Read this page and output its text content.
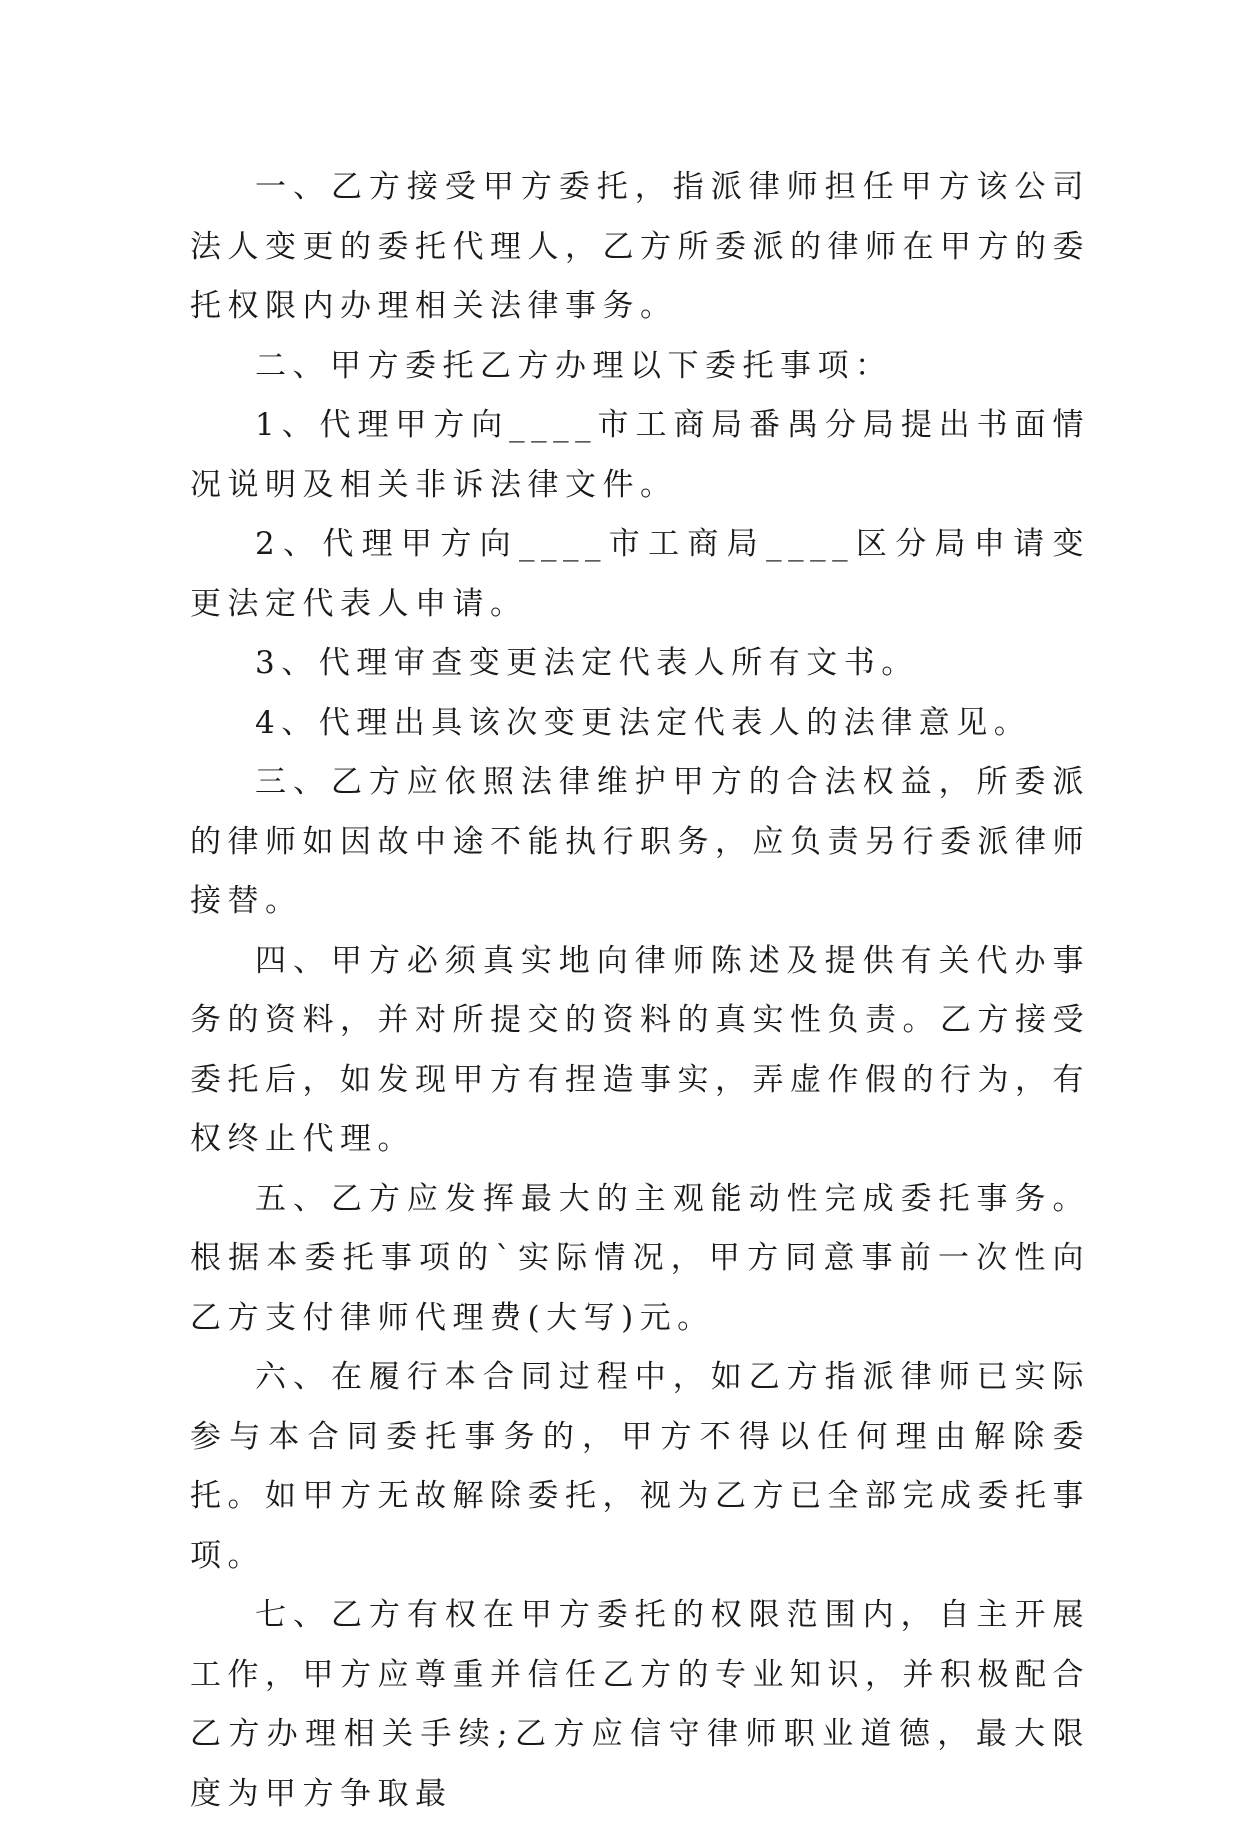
一、乙方接受甲方委托，指派律师担任甲方该公司法人变更的委托代理人，乙方所委派的律师在甲方的委托权限内办理相关法律事务。

二、甲方委托乙方办理以下委托事项：

1、代理甲方向____市工商局番禺分局提出书面情况说明及相关非诉法律文件。

2、代理甲方向____市工商局____区分局申请变更法定代表人申请。

3、代理审查变更法定代表人所有文书。

4、代理出具该次变更法定代表人的法律意见。

三、乙方应依照法律维护甲方的合法权益，所委派的律师如因故中途不能执行职务，应负责另行委派律师接替。

四、甲方必须真实地向律师陈述及提供有关代办事务的资料，并对所提交的资料的真实性负责。乙方接受委托后，如发现甲方有捏造事实，弄虚作假的行为，有权终止代理。

五、乙方应发挥最大的主观能动性完成委托事务。根据本委托事项的`实际情况，甲方同意事前一次性向乙方支付律师代理费(大写)元。

六、在履行本合同过程中，如乙方指派律师已实际参与本合同委托事务的，甲方不得以任何理由解除委托。如甲方无故解除委托，视为乙方已全部完成委托事项。

七、乙方有权在甲方委托的权限范围内，自主开展工作，甲方应尊重并信任乙方的专业知识，并积极配合乙方办理相关手续;乙方应信守律师职业道德，最大限度为甲方争取最
